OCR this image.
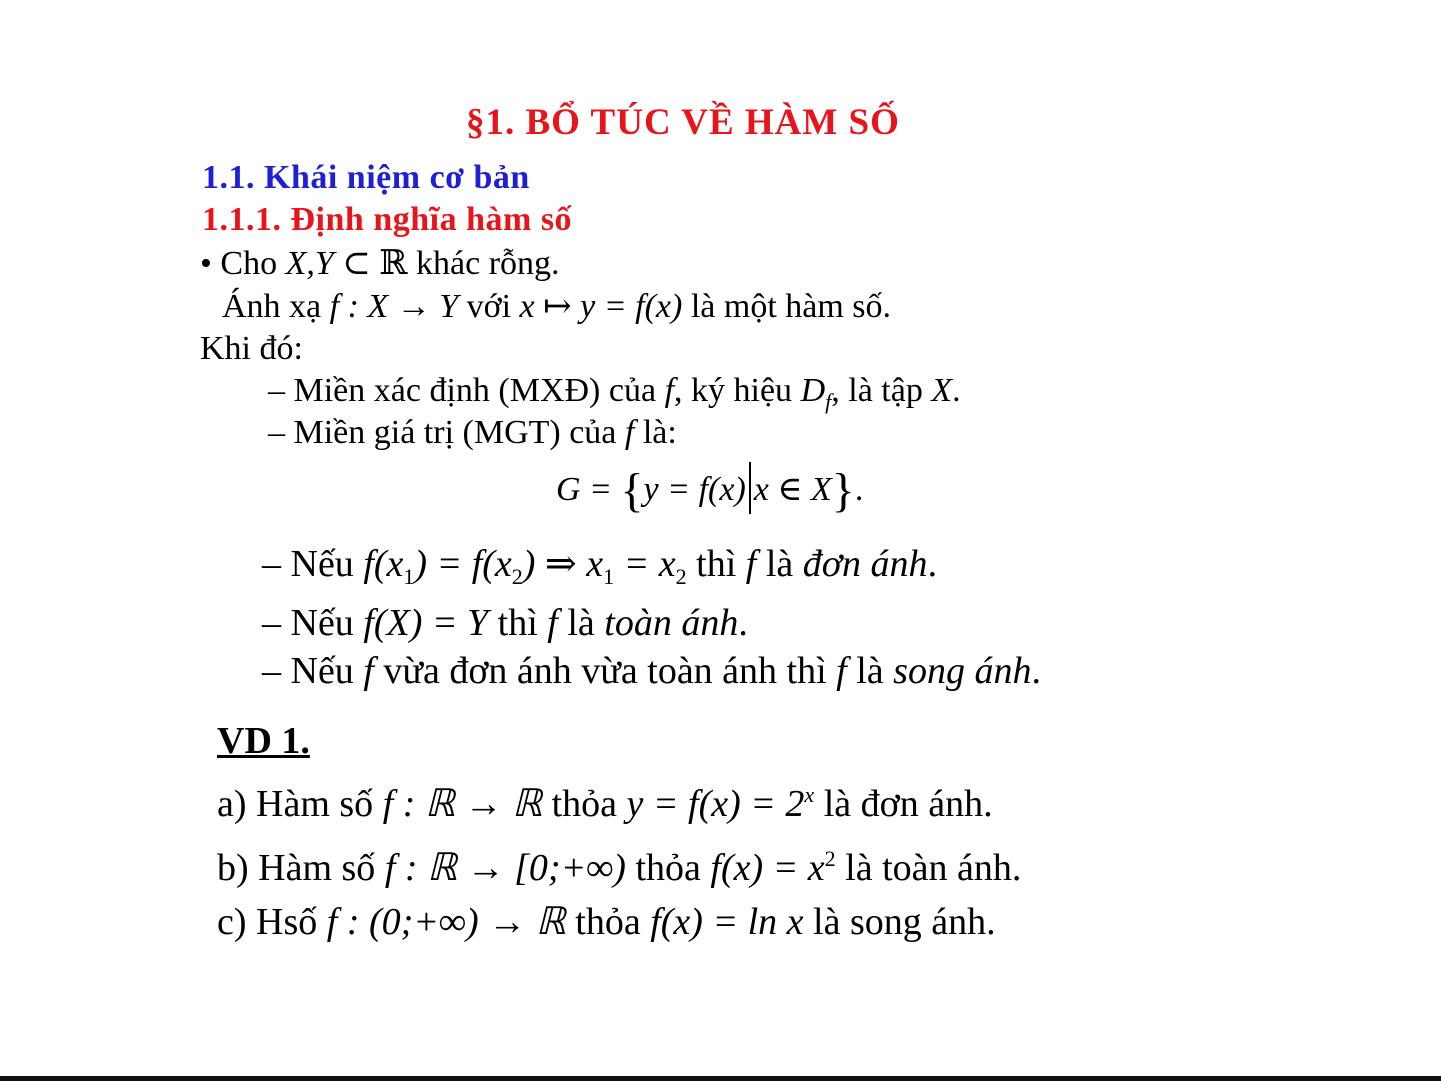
§1. BỔ TÚC VỀ HÀM SỐ
1.1. Khái niệm cơ bản
1.1.1. Định nghĩa hàm số
• Cho X,Y ⊂ ℝ khác rỗng.
Ánh xạ f : X → Y với x ↦ y = f(x) là một hàm số.
Khi đó:
– Miền xác định (MXĐ) của f, ký hiệu $D_f$, là tập X.
– Miền giá trị (MGT) của f là:
G = {y = f(x) x ∈ X}.
– Nếu $f(x_1) = f(x_2)$ ⇒ $x_1 = x_2$ thì f là đơn ánh.
– Nếu f(X) = Y thì f là toàn ánh.
– Nếu f vừa đơn ánh vừa toàn ánh thì f là song ánh.
VD 1.
a) Hàm số f : ℝ → ℝ thỏa $y = f(x) = 2^x$ là đơn ánh.
b) Hàm số f : ℝ → [0;+∞) thỏa $f(x) = x^2$ là toàn ánh.
c) Hsố f : (0;+∞) → ℝ thỏa f(x) = ln x là song ánh.
